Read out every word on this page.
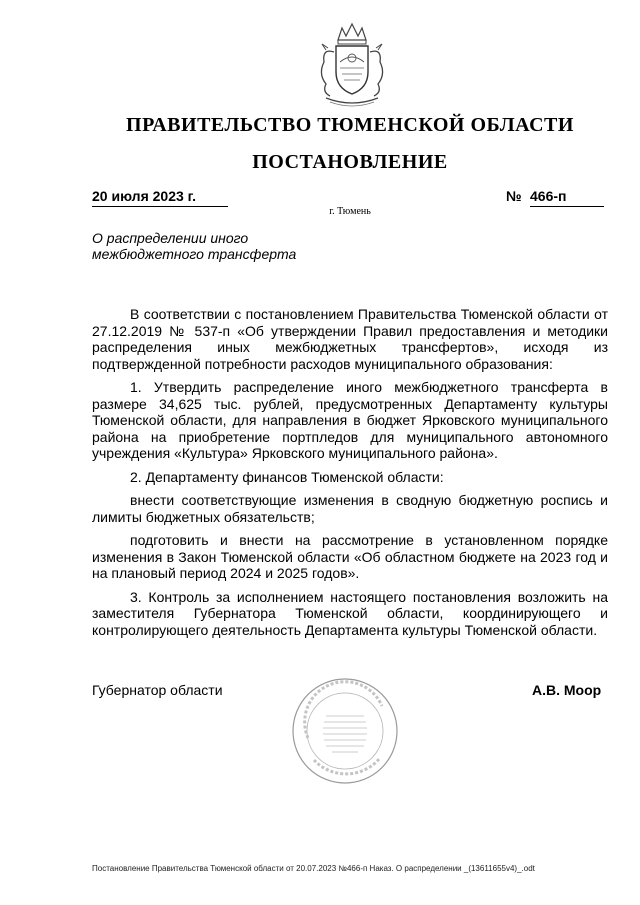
ПРАВИТЕЛЬСТВО ТЮМЕНСКОЙ ОБЛАСТИ
ПОСТАНОВЛЕНИЕ
20 июля 2023 г.	№ 466-п
г. Тюмень
О распределении иного
межбюджетного трансферта

В соответствии с постановлением Правительства Тюменской области от 27.12.2019 № 537-п «Об утверждении Правил предоставления и методики распределения иных межбюджетных трансфертов», исходя из подтвержденной потребности расходов муниципального образования:

1. Утвердить распределение иного межбюджетного трансферта в размере 34,625 тыс. рублей, предусмотренных Департаменту культуры Тюменской области, для направления в бюджет Ярковского муниципального района на приобретение портпледов для муниципального автономного учреждения «Культура» Ярковского муниципального района».

2. Департаменту финансов Тюменской области:

внести соответствующие изменения в сводную бюджетную роспись и лимиты бюджетных обязательств;

подготовить и внести на рассмотрение в установленном порядке изменения в Закон Тюменской области «Об областном бюджете на 2023 год и на плановый период 2024 и 2025 годов».

3. Контроль за исполнением настоящего постановления возложить на заместителя Губернатора Тюменской области, координирующего и контролирующего деятельность Департамента культуры Тюменской области.

Губернатор области	А.В. Моор
Постановление Правительства Тюменской области от 20.07.2023 №466-п Наказ. О распределении _(13611655v4)_.odt
